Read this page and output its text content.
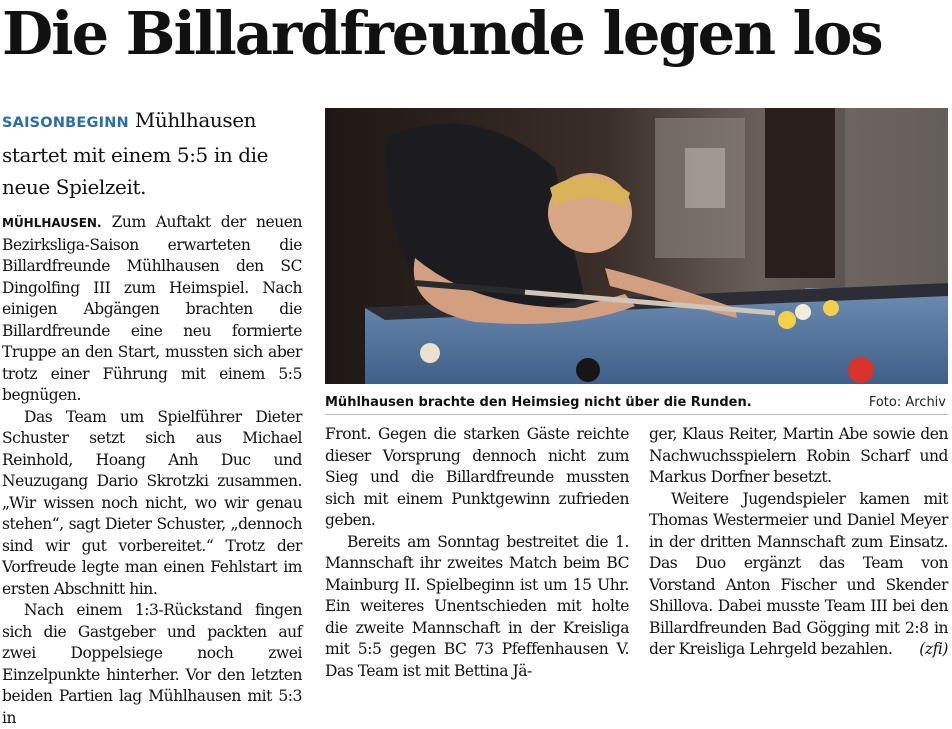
Die Billardfreunde legen los
SAISONBEGINN Mühlhausen startet mit einem 5:5 in die neue Spielzeit.

MÜHLHAUSEN. Zum Auftakt der neuen Bezirksliga-Saison erwarteten die Billardfreunde Mühlhausen den SC Dingolfing III zum Heimspiel. Nach einigen Abgängen brachten die Billardfreunde eine neu formierte Truppe an den Start, mussten sich aber trotz einer Führung mit einem 5:5 begnügen.

Das Team um Spielführer Dieter Schuster setzt sich aus Michael Reinhold, Hoang Anh Duc und Neuzugang Dario Skrotzki zusammen. „Wir wissen noch nicht, wo wir genau stehen“, sagt Dieter Schuster, „dennoch sind wir gut vorbereitet.“ Trotz der Vorfreude legte man einen Fehlstart im ersten Abschnitt hin.

Nach einem 1:3-Rückstand fingen sich die Gastgeber und packten auf zwei Doppelsiege noch zwei Einzelpunkte hinterher. Vor den letzten beiden Partien lag Mühlhausen mit 5:3 in

Mühlhausen brachte den Heimsieg nicht über die Runden.	Foto: Archiv

Front. Gegen die starken Gäste reichte dieser Vorsprung dennoch nicht zum Sieg und die Billardfreunde mussten sich mit einem Punktgewinn zufrieden geben.

Bereits am Sonntag bestreitet die 1. Mannschaft ihr zweites Match beim BC Mainburg II. Spielbeginn ist um 15 Uhr. Ein weiteres Unentschieden mit holte die zweite Mannschaft in der Kreisliga mit 5:5 gegen BC 73 Pfeffenhausen V. Das Team ist mit Bettina Jä-

ger, Klaus Reiter, Martin Abe sowie den Nachwuchsspielern Robin Scharf und Markus Dorfner besetzt.

Weitere Jugendspieler kamen mit Thomas Westermeier und Daniel Meyer in der dritten Mannschaft zum Einsatz. Das Duo ergänzt das Team von Vorstand Anton Fischer und Skender Shillova. Dabei musste Team III bei den Billardfreunden Bad Gögging mit 2:8 in der Kreisliga Lehrgeld bezahlen.	(zfi)
